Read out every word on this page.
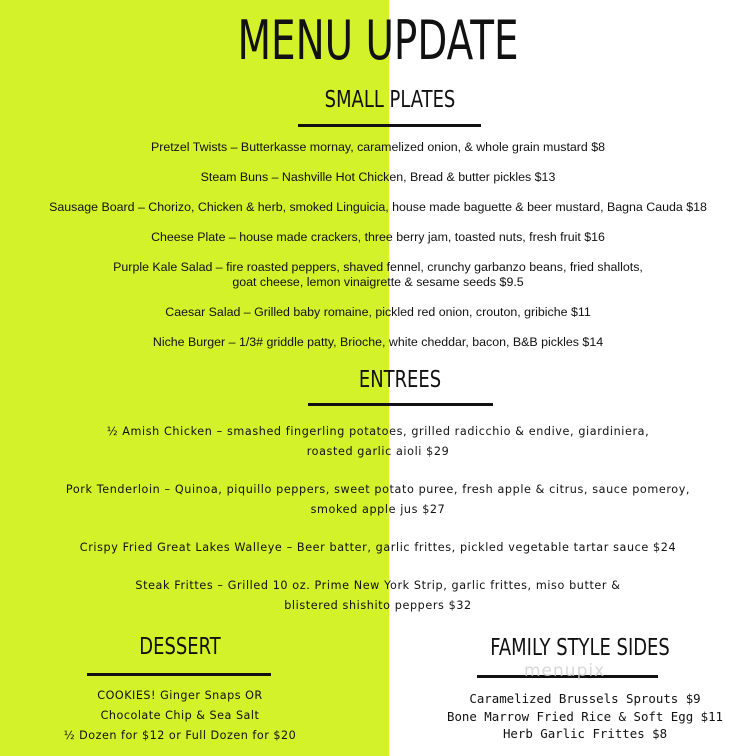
MENU UPDATE
SMALL PLATES
Pretzel Twists – Butterkasse mornay, caramelized onion, & whole grain mustard $8
Steam Buns – Nashville Hot Chicken, Bread & butter pickles $13
Sausage Board – Chorizo, Chicken & herb, smoked Linguicia, house made baguette & beer mustard, Bagna Cauda $18
Cheese Plate – house made crackers, three berry jam, toasted nuts, fresh fruit $16
Purple Kale Salad – fire roasted peppers, shaved fennel, crunchy garbanzo beans, fried shallots,
goat cheese, lemon vinaigrette & sesame seeds $9.5
Caesar Salad – Grilled baby romaine, pickled red onion, crouton, gribiche $11
Niche Burger – 1/3# griddle patty, Brioche, white cheddar, bacon, B&B pickles $14
ENTREES
½ Amish Chicken – smashed fingerling potatoes, grilled radicchio & endive, giardiniera,
roasted garlic aioli $29
Pork Tenderloin – Quinoa, piquillo peppers, sweet potato puree, fresh apple & citrus, sauce pomeroy,
smoked apple jus $27
Crispy Fried Great Lakes Walleye – Beer batter, garlic frittes, pickled vegetable tartar sauce $24
Steak Frittes – Grilled 10 oz. Prime New York Strip, garlic frittes, miso butter &
blistered shishito peppers $32
DESSERT
COOKIES! Ginger Snaps OR
Chocolate Chip & Sea Salt
½ Dozen for $12 or Full Dozen for $20
FAMILY STYLE SIDES
Caramelized Brussels Sprouts $9
Bone Marrow Fried Rice & Soft Egg $11
Herb Garlic Frittes $8
menupix
